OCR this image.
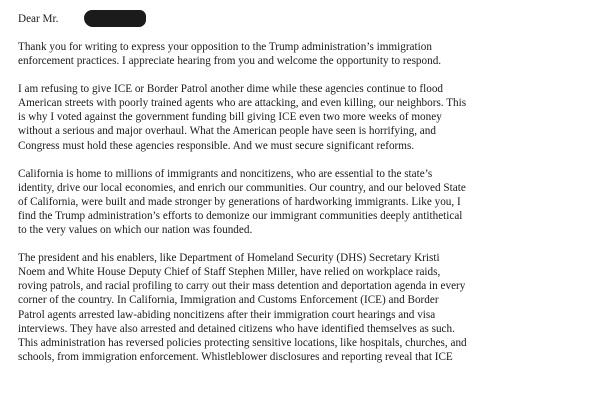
Dear Mr.
Thank you for writing to express your opposition to the Trump administration’s immigration
enforcement practices. I appreciate hearing from you and welcome the opportunity to respond.
I am refusing to give ICE or Border Patrol another dime while these agencies continue to flood
American streets with poorly trained agents who are attacking, and even killing, our neighbors. This
is why I voted against the government funding bill giving ICE even two more weeks of money
without a serious and major overhaul. What the American people have seen is horrifying, and
Congress must hold these agencies responsible. And we must secure significant reforms.
California is home to millions of immigrants and noncitizens, who are essential to the state’s
identity, drive our local economies, and enrich our communities. Our country, and our beloved State
of California, were built and made stronger by generations of hardworking immigrants. Like you, I
find the Trump administration’s efforts to demonize our immigrant communities deeply antithetical
to the very values on which our nation was founded.
The president and his enablers, like Department of Homeland Security (DHS) Secretary Kristi
Noem and White House Deputy Chief of Staff Stephen Miller, have relied on workplace raids,
roving patrols, and racial profiling to carry out their mass detention and deportation agenda in every
corner of the country. In California, Immigration and Customs Enforcement (ICE) and Border
Patrol agents arrested law-abiding noncitizens after their immigration court hearings and visa
interviews. They have also arrested and detained citizens who have identified themselves as such.
This administration has reversed policies protecting sensitive locations, like hospitals, churches, and
schools, from immigration enforcement. Whistleblower disclosures and reporting reveal that ICE
